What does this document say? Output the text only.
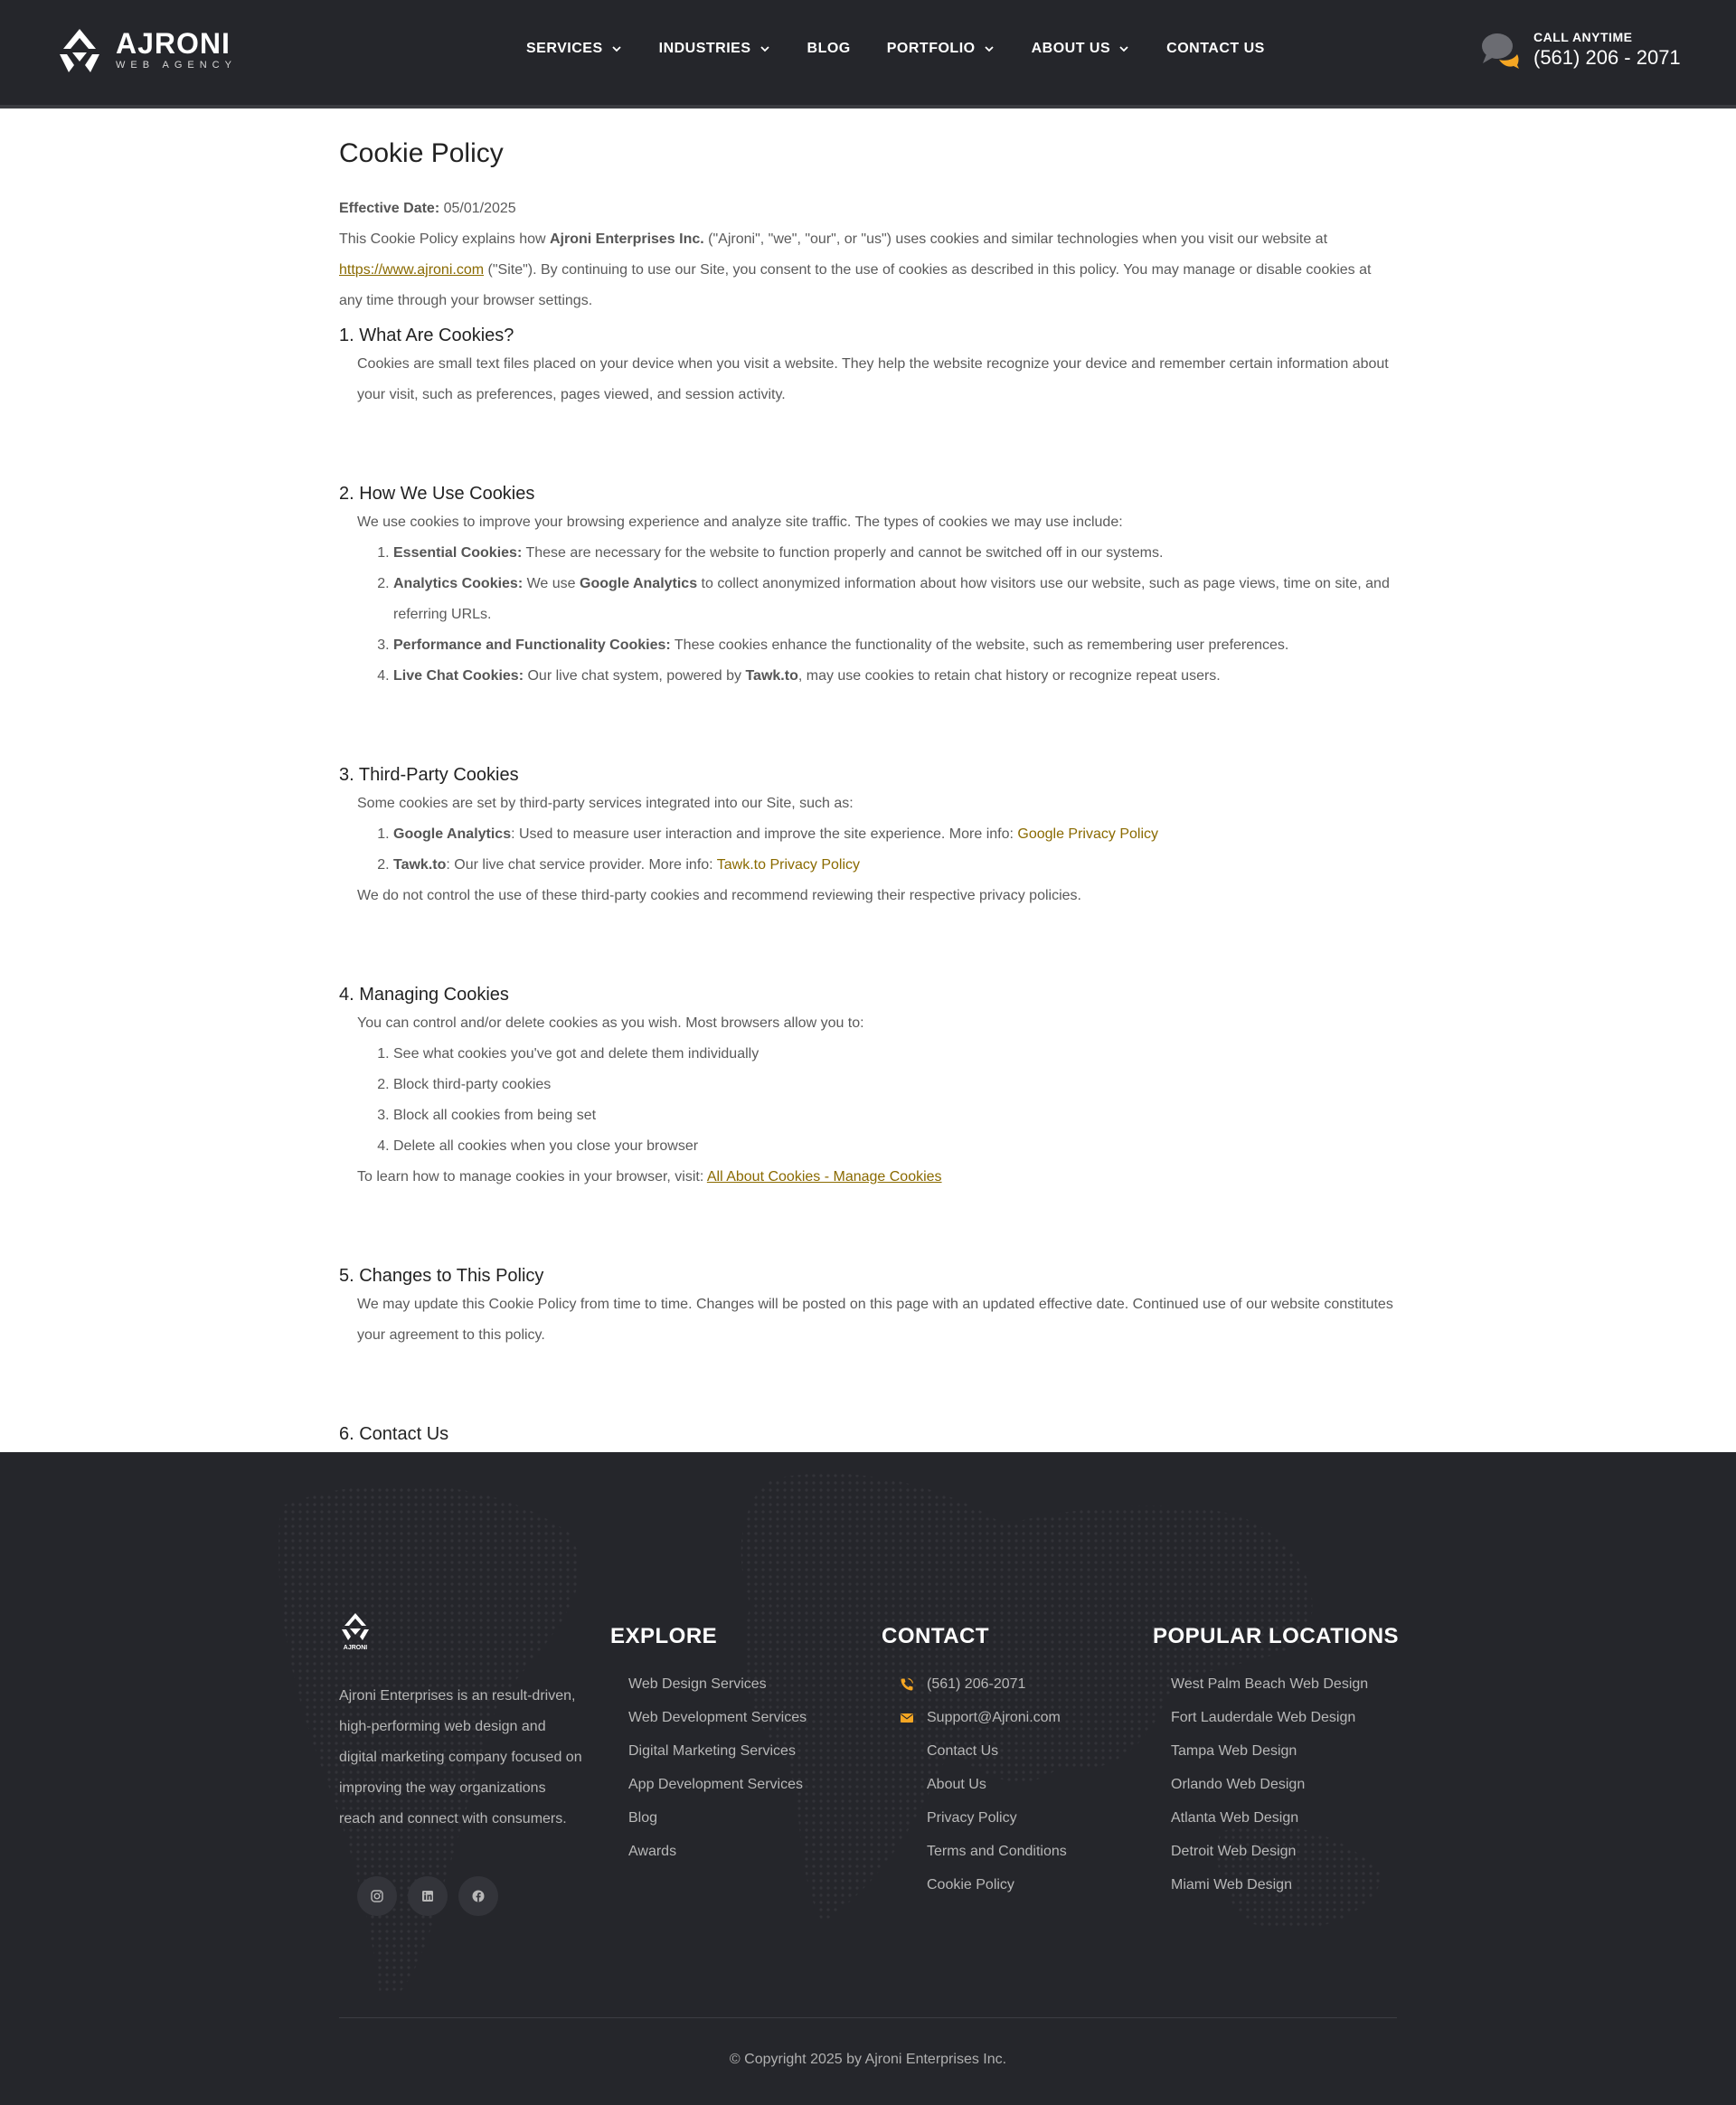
AJRONI
WEB AGENCY
SERVICES	INDUSTRIES	BLOG	PORTFOLIO	ABOUT US	CONTACT US
CALL ANYTIME
(561) 206 - 2071
Cookie Policy

Effective Date: 05/01/2025

This Cookie Policy explains how Ajroni Enterprises Inc. ("Ajroni", "we", "our", or "us") uses cookies and similar technologies when you visit our website at https://www.ajroni.com ("Site"). By continuing to use our Site, you consent to the use of cookies as described in this policy. You may manage or disable cookies at any time through your browser settings.

1. What Are Cookies?

Cookies are small text files placed on your device when you visit a website. They help the website recognize your device and remember certain information about your visit, such as preferences, pages viewed, and session activity.

2. How We Use Cookies

We use cookies to improve your browsing experience and analyze site traffic. The types of cookies we may use include:

1. Essential Cookies: These are necessary for the website to function properly and cannot be switched off in our systems.
2. Analytics Cookies: We use Google Analytics to collect anonymized information about how visitors use our website, such as page views, time on site, and referring URLs.
3. Performance and Functionality Cookies: These cookies enhance the functionality of the website, such as remembering user preferences.
4. Live Chat Cookies: Our live chat system, powered by Tawk.to, may use cookies to retain chat history or recognize repeat users.
3. Third-Party Cookies

Some cookies are set by third-party services integrated into our Site, such as:

1. Google Analytics: Used to measure user interaction and improve the site experience. More info: Google Privacy Policy
2. Tawk.to: Our live chat service provider. More info: Tawk.to Privacy Policy

We do not control the use of these third-party cookies and recommend reviewing their respective privacy policies.

4. Managing Cookies

You can control and/or delete cookies as you wish. Most browsers allow you to:

1. See what cookies you've got and delete them individually
2. Block third-party cookies
3. Block all cookies from being set
4. Delete all cookies when you close your browser

To learn how to manage cookies in your browser, visit: All About Cookies - Manage Cookies

5. Changes to This Policy

We may update this Cookie Policy from time to time. Changes will be posted on this page with an updated effective date. Continued use of our website constitutes your agreement to this policy.

6. Contact Us

AJRONI

Ajroni Enterprises is an result-driven, high-performing web design and digital marketing company focused on improving the way organizations reach and connect with consumers.

EXPLORE
Web Design Services
Web Development Services
Digital Marketing Services
App Development Services
Blog
Awards
CONTACT
(561) 206-2071
Support@Ajroni.com
Contact Us
About Us
Privacy Policy
Terms and Conditions
Cookie Policy
POPULAR LOCATIONS
West Palm Beach Web Design
Fort Lauderdale Web Design
Tampa Web Design
Orlando Web Design
Atlanta Web Design
Detroit Web Design
Miami Web Design
© Copyright 2025 by Ajroni Enterprises Inc.
